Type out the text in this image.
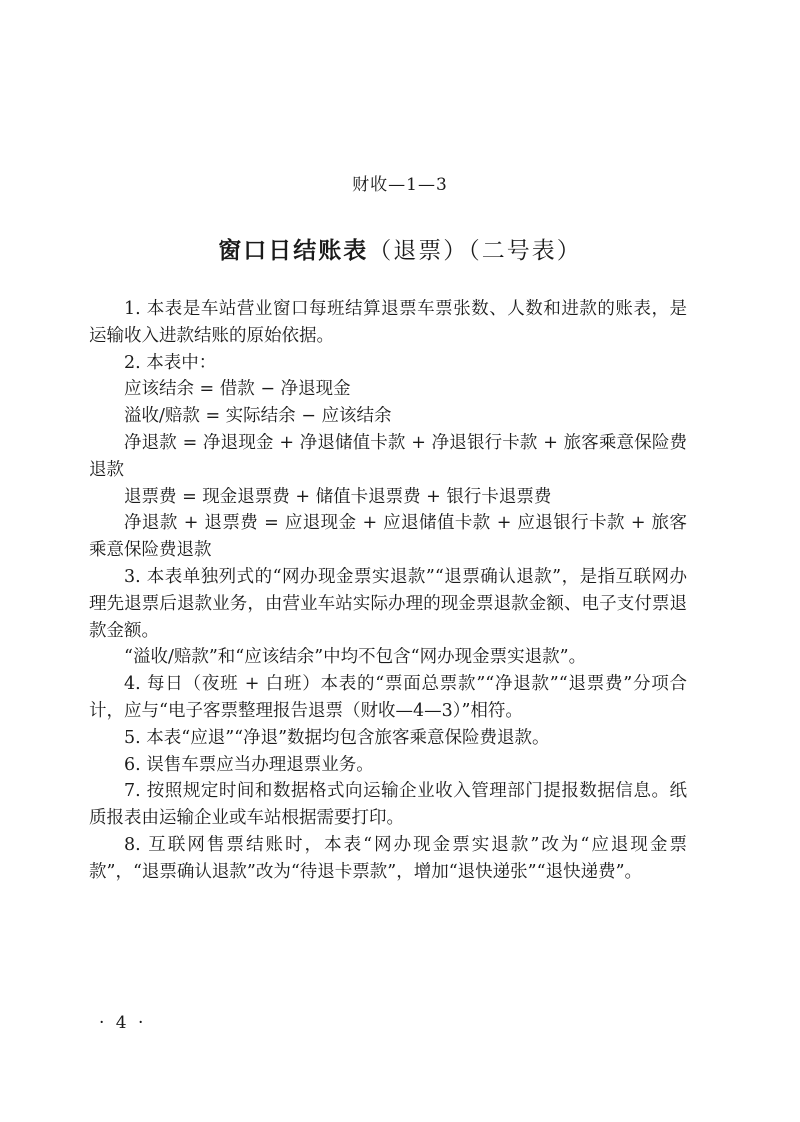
财收—1—3
窗口日结账表（退票）（二号表）

1. 本表是车站营业窗口每班结算退票车票张数、人数和进款的账表，是运输收入进款结账的原始依据。

2. 本表中：

应该结余 = 借款 − 净退现金

溢收/赔款 = 实际结余 − 应该结余

净退款 = 净退现金 + 净退储值卡款 + 净退银行卡款 + 旅客乘意保险费退款

退票费 = 现金退票费 + 储值卡退票费 + 银行卡退票费

净退款 + 退票费 = 应退现金 + 应退储值卡款 + 应退银行卡款 + 旅客乘意保险费退款

3. 本表单独列式的“网办现金票实退款”“退票确认退款”，是指互联网办理先退票后退款业务，由营业车站实际办理的现金票退款金额、电子支付票退款金额。

“溢收/赔款”和“应该结余”中均不包含“网办现金票实退款”。

4. 每日（夜班 + 白班）本表的“票面总票款”“净退款”“退票费”分项合计，应与“电子客票整理报告退票（财收—4—3）”相符。

5. 本表“应退”“净退”数据均包含旅客乘意保险费退款。

6. 误售车票应当办理退票业务。

7. 按照规定时间和数据格式向运输企业收入管理部门提报数据信息。纸质报表由运输企业或车站根据需要打印。

8. 互联网售票结账时，本表“网办现金票实退款”改为“应退现金票款”，“退票确认退款”改为“待退卡票款”，增加“退快递张”“退快递费”。

· 4 ·
